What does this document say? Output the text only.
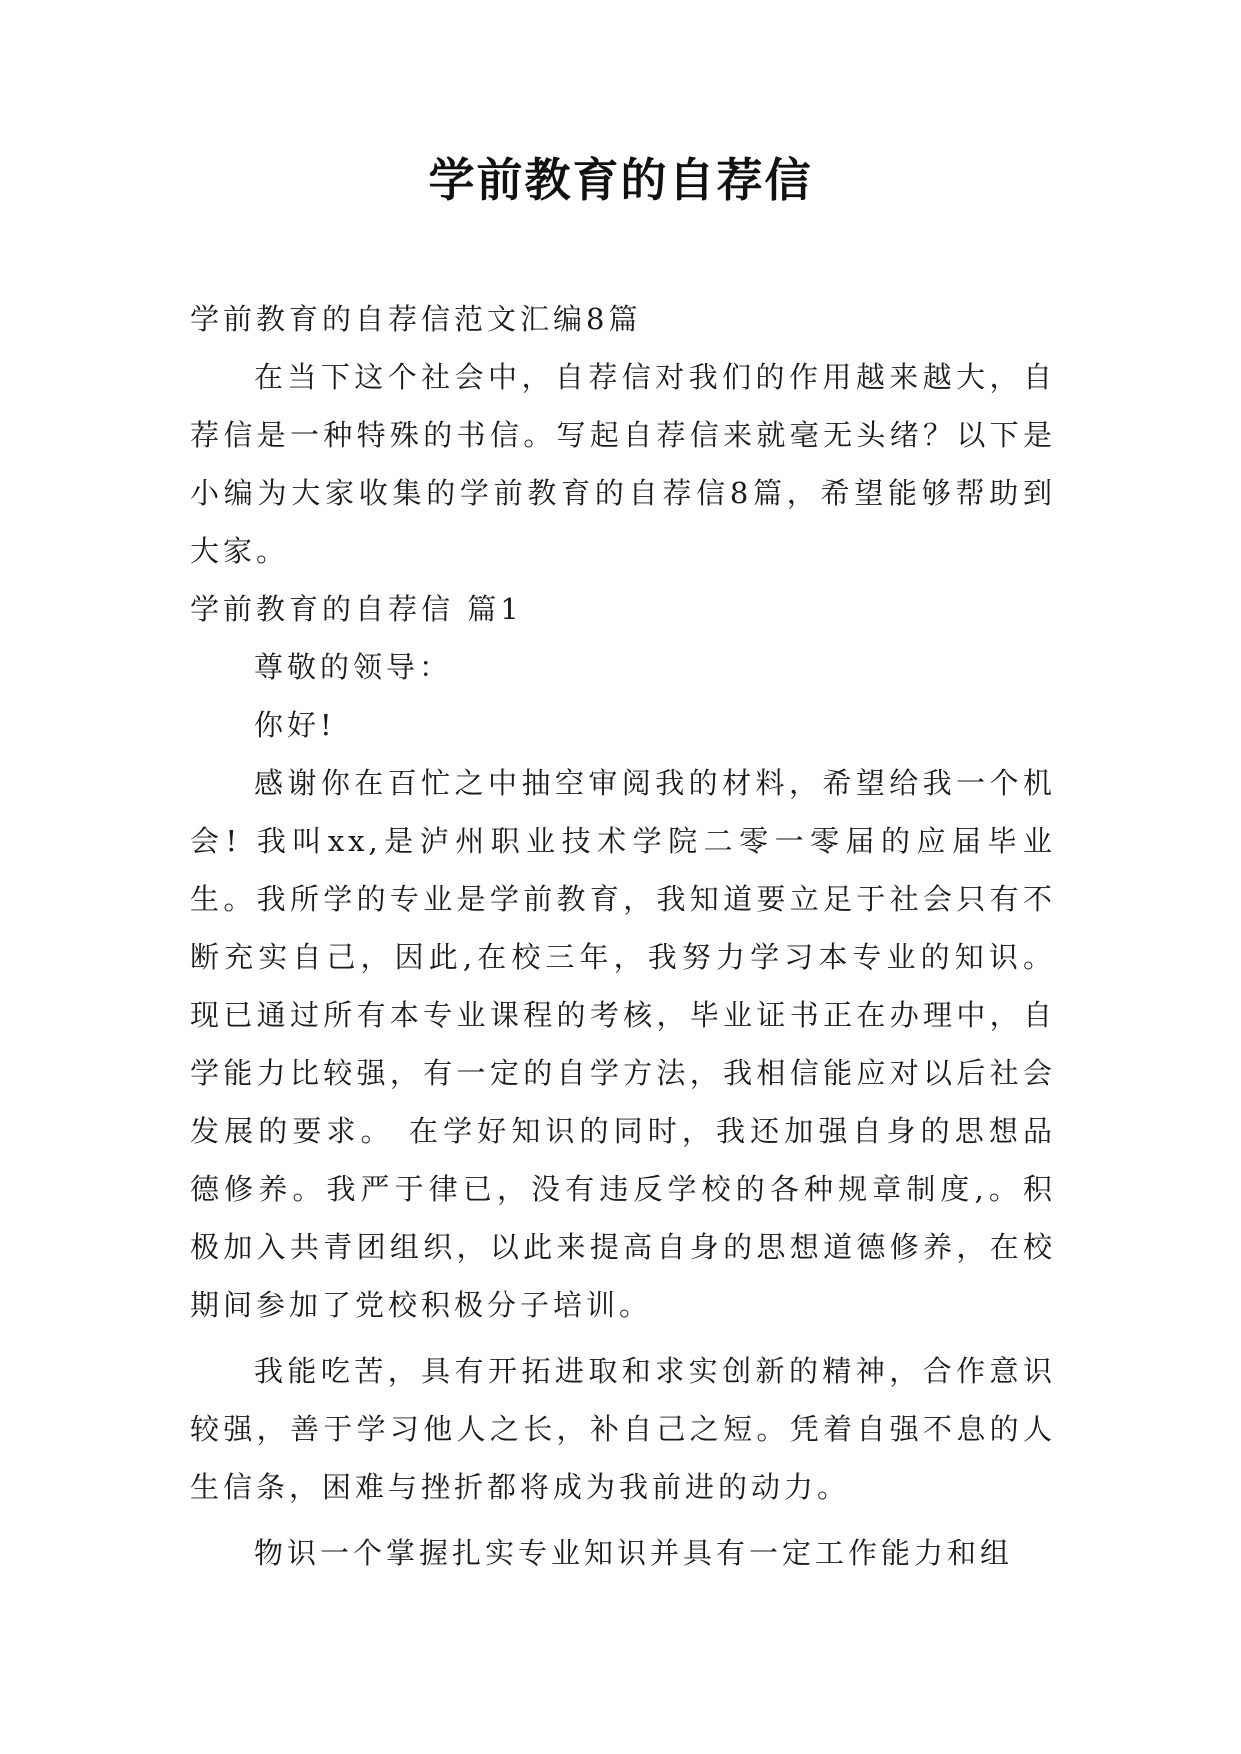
学前教育的自荐信

学前教育的自荐信范文汇编8篇

在当下这个社会中，自荐信对我们的作用越来越大，自荐信是一种特殊的书信。写起自荐信来就毫无头绪？以下是小编为大家收集的学前教育的自荐信8篇，希望能够帮助到大家。

学前教育的自荐信 篇1

尊敬的领导：

你好!

感谢你在百忙之中抽空审阅我的材料，希望给我一个机会! 我叫xx,是泸州职业技术学院二零一零届的应届毕业生。我所学的专业是学前教育，我知道要立足于社会只有不断充实自己，因此,在校三年，我努力学习本专业的知识。现已通过所有本专业课程的考核，毕业证书正在办理中，自学能力比较强，有一定的自学方法，我相信能应对以后社会发展的要求。 在学好知识的同时，我还加强自身的思想品德修养。我严于律已，没有违反学校的各种规章制度,。积极加入共青团组织，以此来提高自身的思想道德修养，在校期间参加了党校积极分子培训。

我能吃苦，具有开拓进取和求实创新的精神，合作意识较强，善于学习他人之长，补自己之短。凭着自强不息的人生信条，困难与挫折都将成为我前进的动力。

物识一个掌握扎实专业知识并具有一定工作能力和组
